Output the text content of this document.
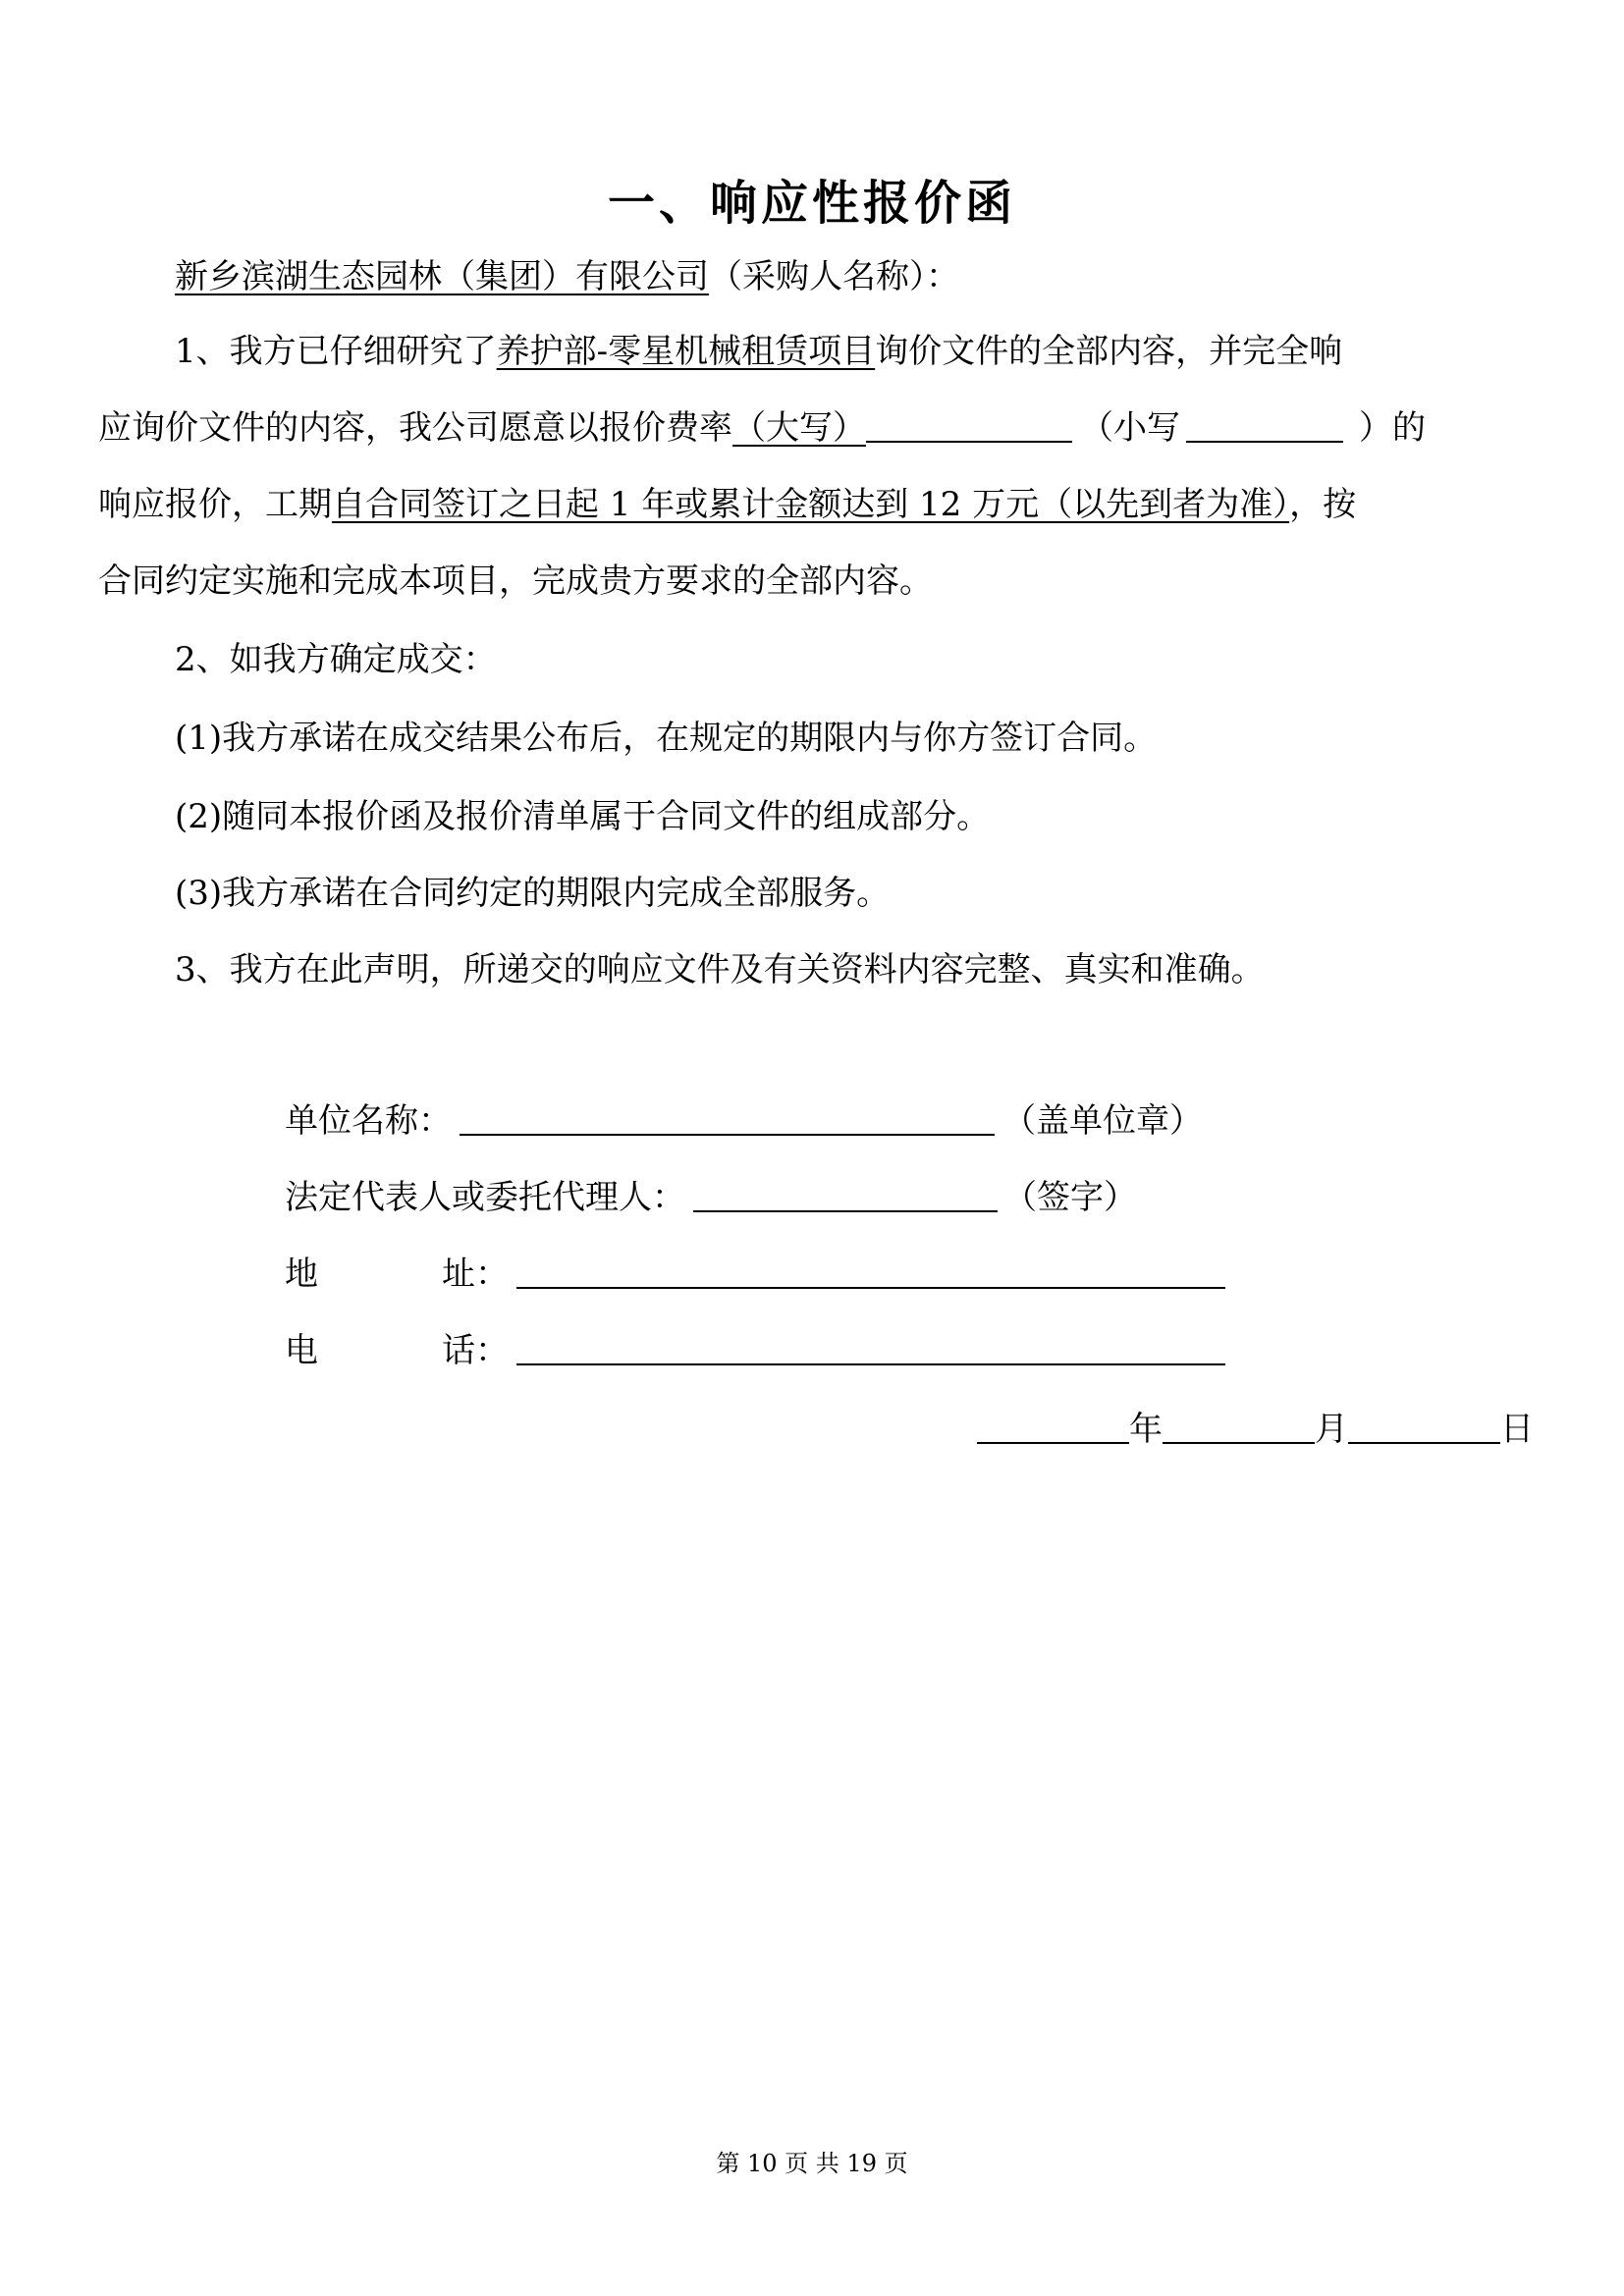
一、响应性报价函
新乡滨湖生态园林（集团）有限公司（采购人名称）：
1、我方已仔细研究了养护部-零星机械租赁项目询价文件的全部内容，并完全响
应询价文件的内容，我公司愿意以报价费率（大写）	（小写	）的
响应报价，工期自合同签订之日起 1 年或累计金额达到 12 万元（以先到者为准），按
合同约定实施和完成本项目，完成贵方要求的全部内容。
2、如我方确定成交：
(1)我方承诺在成交结果公布后，在规定的期限内与你方签订合同。
(2)随同本报价函及报价清单属于合同文件的组成部分。
(3)我方承诺在合同约定的期限内完成全部服务。
3、我方在此声明，所递交的响应文件及有关资料内容完整、真实和准确。
单位名称：	（盖单位章）
法定代表人或委托代理人：	（签字）
地	址：
电	话：
年	月	日
第 10 页 共 19 页
